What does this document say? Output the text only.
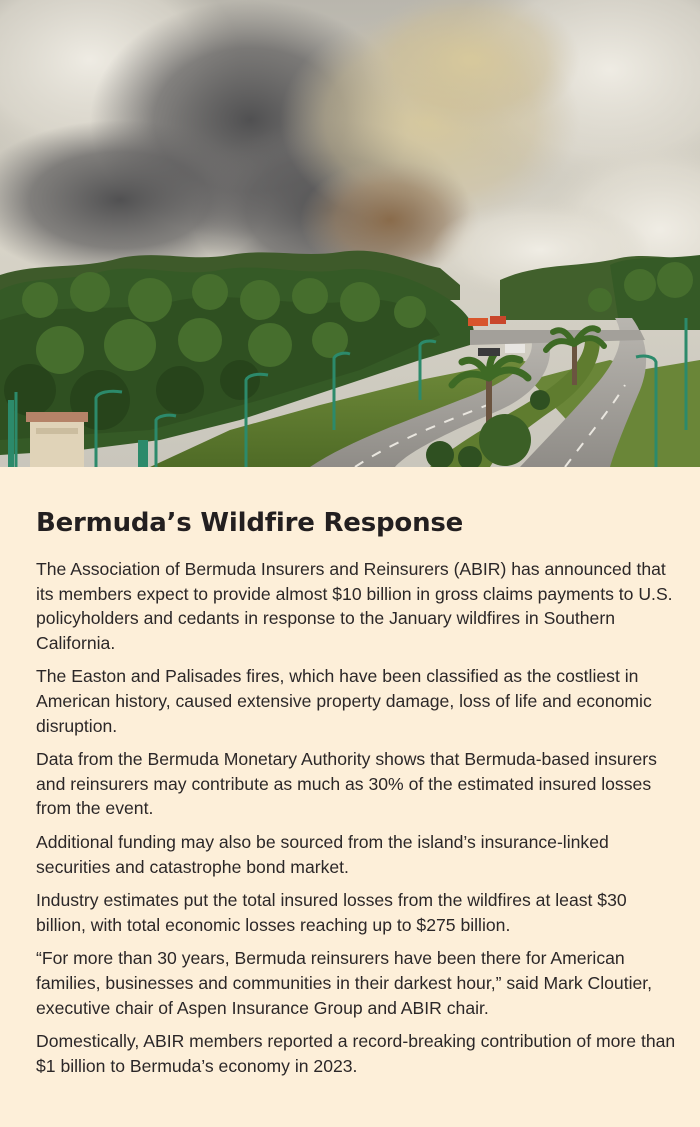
Bermuda’s Wildfire Response

The Association of Bermuda Insurers and Reinsurers (ABIR) has announced that its members expect to provide almost $10 billion in gross claims payments to U.S. policyholders and cedants in response to the January wildfires in Southern California.

The Easton and Palisades fires, which have been classified as the costliest in American history, caused extensive property damage, loss of life and economic disruption.

Data from the Bermuda Monetary Authority shows that Bermuda-based insurers and reinsurers may contribute as much as 30% of the estimated insured losses from the event.

Additional funding may also be sourced from the island’s insurance-linked securities and catastrophe bond market.

Industry estimates put the total insured losses from the wildfires at least $30 billion, with total economic losses reaching up to $275 billion.

“For more than 30 years, Bermuda reinsurers have been there for American families, businesses and communities in their darkest hour,” said Mark Cloutier, executive chair of Aspen Insurance Group and ABIR chair.

Domestically, ABIR members reported a record-breaking contribution of more than $1 billion to Bermuda’s economy in 2023.
